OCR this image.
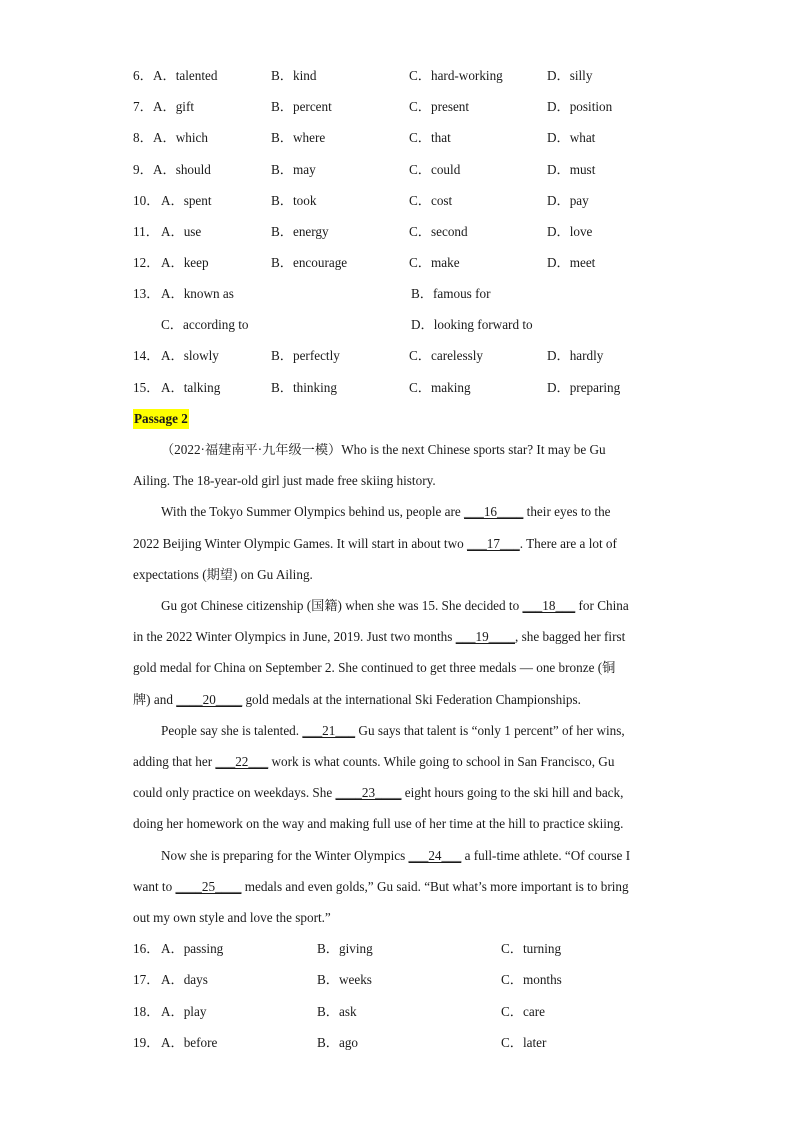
6． A．talented	B．kind	C．hard-working	D．silly
7． A．gift	B．percent	C．present	D．position
8． A．which	B．where	C．that	D．what
9． A．should	B．may	C．could	D．must
10． A．spent	B．took	C．cost	D．pay
11． A．use	B．energy	C．second	D．love
12． A．keep	B．encourage	C．make	D．meet
13． A．known as	B．famous for
C．according to	D．looking forward to
14． A．slowly	B．perfectly	C．carelessly	D．hardly
15． A．talking	B．thinking	C．making	D．preparing
Passage 2
（2022·福建南平·九年级一模）Who is the next Chinese sports star? It may be Gu
Ailing. The 18-year-old girl just made free skiing history.
With the Tokyo Summer Olympics behind us, people are ___16____ their eyes to the
2022 Beijing Winter Olympic Games. It will start in about two ___17___. There are a lot of
expectations (期望) on Gu Ailing.
Gu got Chinese citizenship (国籍) when she was 15. She decided to ___18___ for China
in the 2022 Winter Olympics in June, 2019. Just two months ___19____, she bagged her first
gold medal for China on September 2. She continued to get three medals — one bronze (铜
牌) and ____20____ gold medals at the international Ski Federation Championships.
People say she is talented. ___21___ Gu says that talent is “only 1 percent” of her wins,
adding that her ___22___ work is what counts. While going to school in San Francisco, Gu
could only practice on weekdays. She ____23____ eight hours going to the ski hill and back,
doing her homework on the way and making full use of her time at the hill to practice skiing.
Now she is preparing for the Winter Olympics ___24___ a full-time athlete. “Of course I
want to ____25____ medals and even golds,” Gu said. “But what’s more important is to bring
out my own style and love the sport.”
16． A．passing	B．giving	C．turning
17． A．days	B．weeks	C．months
18． A．play	B．ask	C．care
19． A．before	B．ago	C．later
